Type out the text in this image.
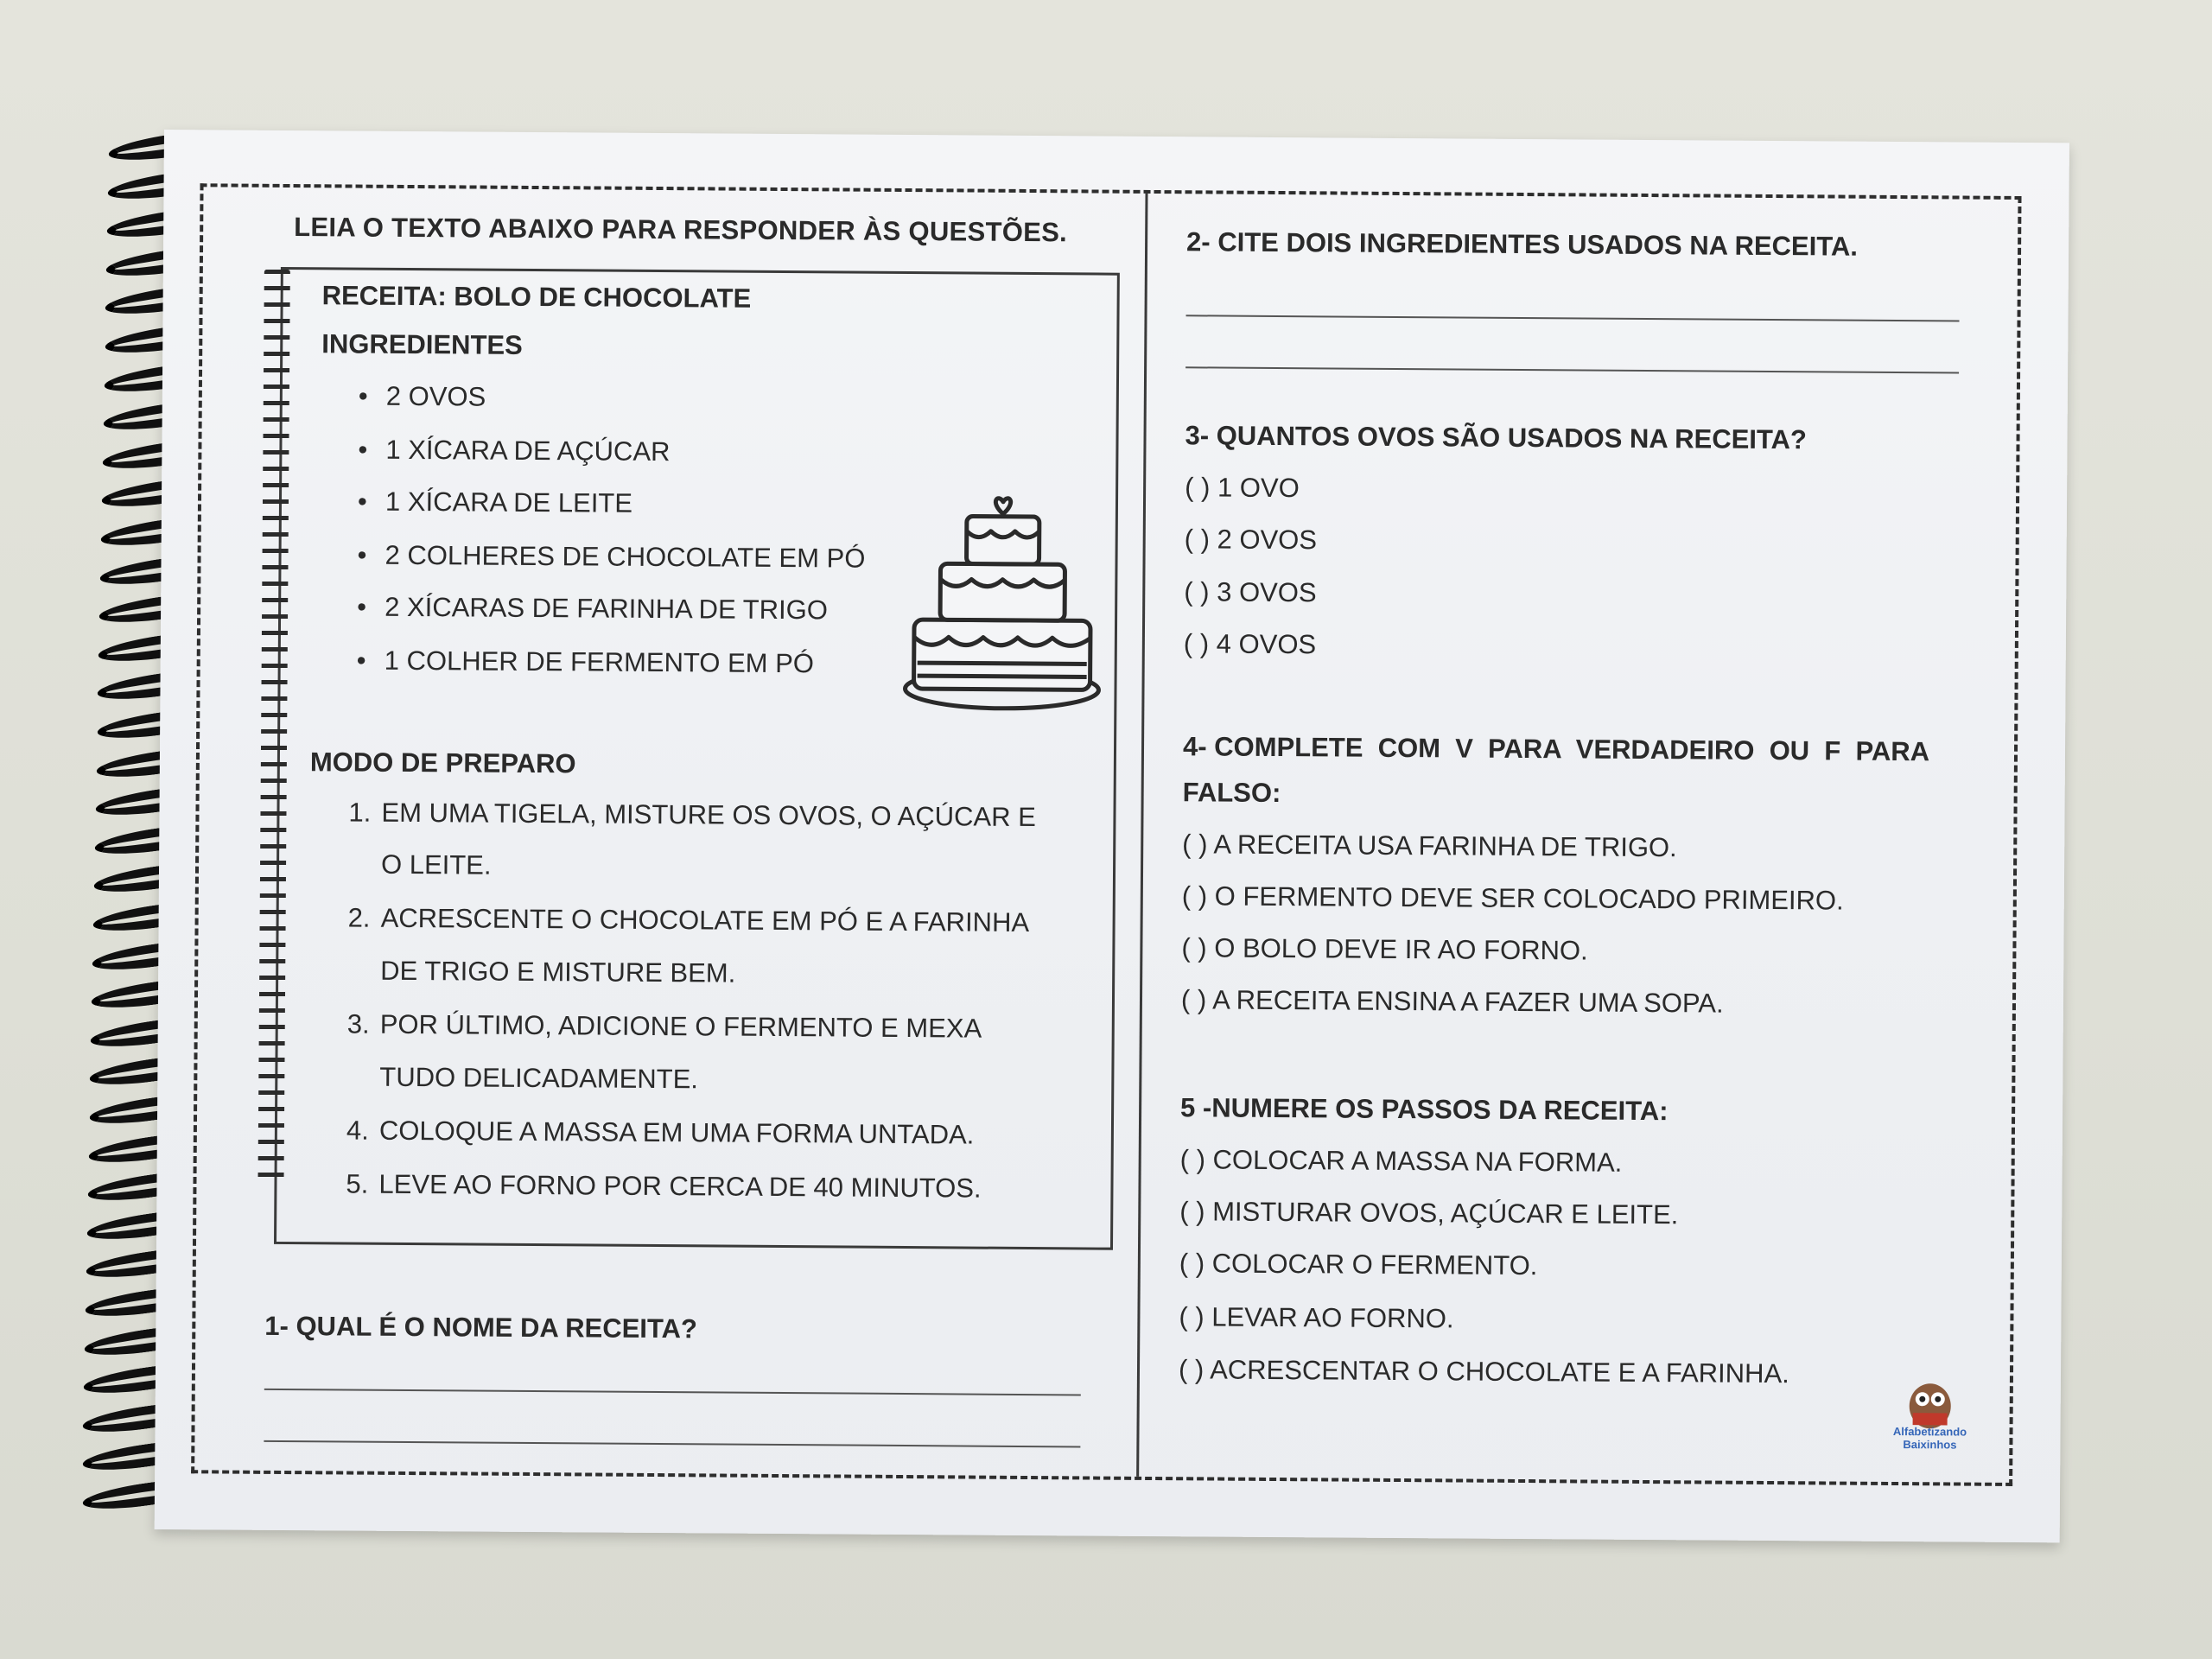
LEIA O TEXTO ABAIXO PARA RESPONDER ÀS QUESTÕES.
RECEITA: BOLO DE CHOCOLATE
INGREDIENTES
• 2 OVOS
• 1 XÍCARA DE AÇÚCAR
• 1 XÍCARA DE LEITE
• 2 COLHERES DE CHOCOLATE EM PÓ
• 2 XÍCARAS DE FARINHA DE TRIGO
• 1 COLHER DE FERMENTO EM PÓ
MODO DE PREPARO
1. EM UMA TIGELA, MISTURE OS OVOS, O AÇÚCAR E
O LEITE.
2. ACRESCENTE O CHOCOLATE EM PÓ E A FARINHA
DE TRIGO E MISTURE BEM.
3. POR ÚLTIMO, ADICIONE O FERMENTO E MEXA
TUDO DELICADAMENTE.
4. COLOQUE A MASSA EM UMA FORMA UNTADA.
5. LEVE AO FORNO POR CERCA DE 40 MINUTOS.
1- QUAL É O NOME DA RECEITA?
2- CITE DOIS INGREDIENTES USADOS NA RECEITA.
3- QUANTOS OVOS SÃO USADOS NA RECEITA?
( ) 1 OVO
( ) 2 OVOS
( ) 3 OVOS
( ) 4 OVOS
4- COMPLETE  COM  V  PARA  VERDADEIRO  OU  F  PARA
FALSO:
( ) A RECEITA USA FARINHA DE TRIGO.
( ) O FERMENTO DEVE SER COLOCADO PRIMEIRO.
( ) O BOLO DEVE IR AO FORNO.
( ) A RECEITA ENSINA A FAZER UMA SOPA.
5 -NUMERE OS PASSOS DA RECEITA:
( ) COLOCAR A MASSA NA FORMA.
( ) MISTURAR OVOS, AÇÚCAR E LEITE.
( ) COLOCAR O FERMENTO.
( ) LEVAR AO FORNO.
( ) ACRESCENTAR O CHOCOLATE E A FARINHA.
Alfabetizando Baixinhos
